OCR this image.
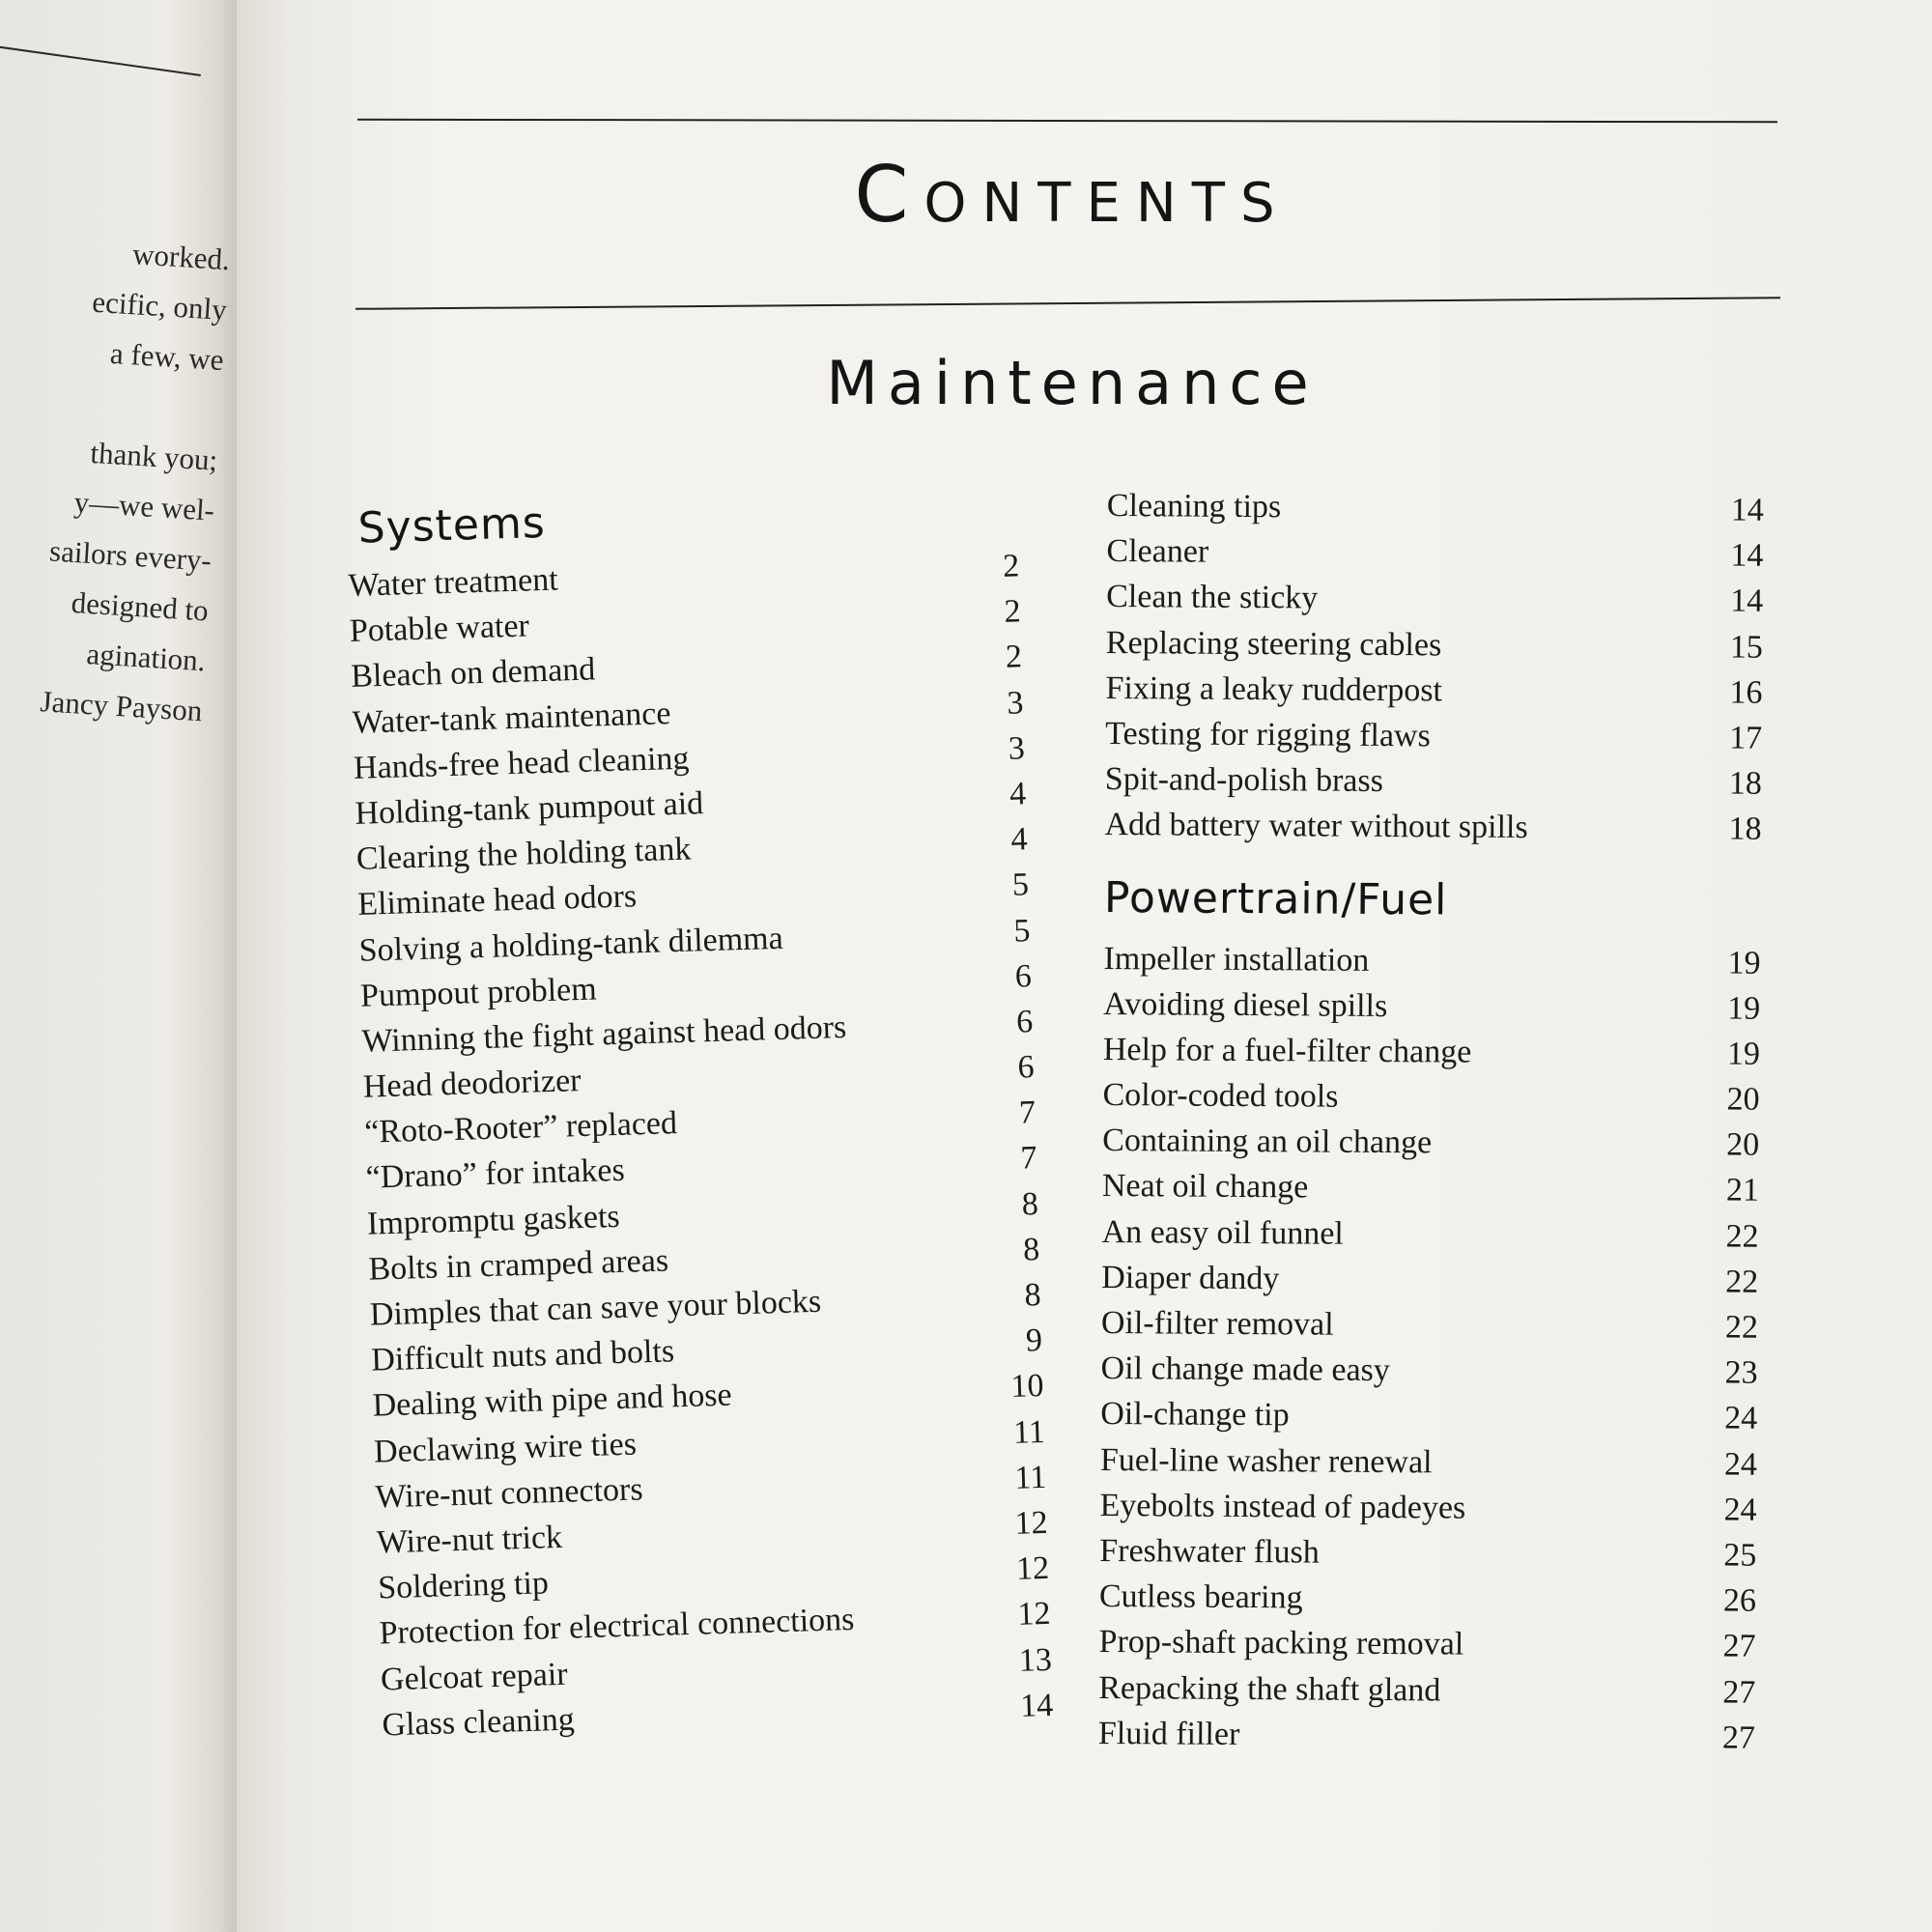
worked.
ecific, only
a few, we
thank you;
y—we wel-
sailors every-
designed to
agination.
Jancy Payson
Contents
Maintenance
Systems
Water treatment	2
Potable water	2
Bleach on demand	2
Water-tank maintenance	3
Hands-free head cleaning	3
Holding-tank pumpout aid	4
Clearing the holding tank	4
Eliminate head odors	5
Solving a holding-tank dilemma	5
Pumpout problem	6
Winning the fight against head odors	6
Head deodorizer	6
“Roto-Rooter” replaced	7
“Drano” for intakes	7
Impromptu gaskets	8
Bolts in cramped areas	8
Dimples that can save your blocks	8
Difficult nuts and bolts	9
Dealing with pipe and hose	10
Declawing wire ties	11
Wire-nut connectors	11
Wire-nut trick	12
Soldering tip	12
Protection for electrical connections	12
Gelcoat repair	13
Glass cleaning	14
Cleaning tips	14
Cleaner	14
Clean the sticky	14
Replacing steering cables	15
Fixing a leaky rudderpost	16
Testing for rigging flaws	17
Spit-and-polish brass	18
Add battery water without spills	18
Powertrain/Fuel
Impeller installation	19
Avoiding diesel spills	19
Help for a fuel-filter change	19
Color-coded tools	20
Containing an oil change	20
Neat oil change	21
An easy oil funnel	22
Diaper dandy	22
Oil-filter removal	22
Oil change made easy	23
Oil-change tip	24
Fuel-line washer renewal	24
Eyebolts instead of padeyes	24
Freshwater flush	25
Cutless bearing	26
Prop-shaft packing removal	27
Repacking the shaft gland	27
Fluid filler	27
